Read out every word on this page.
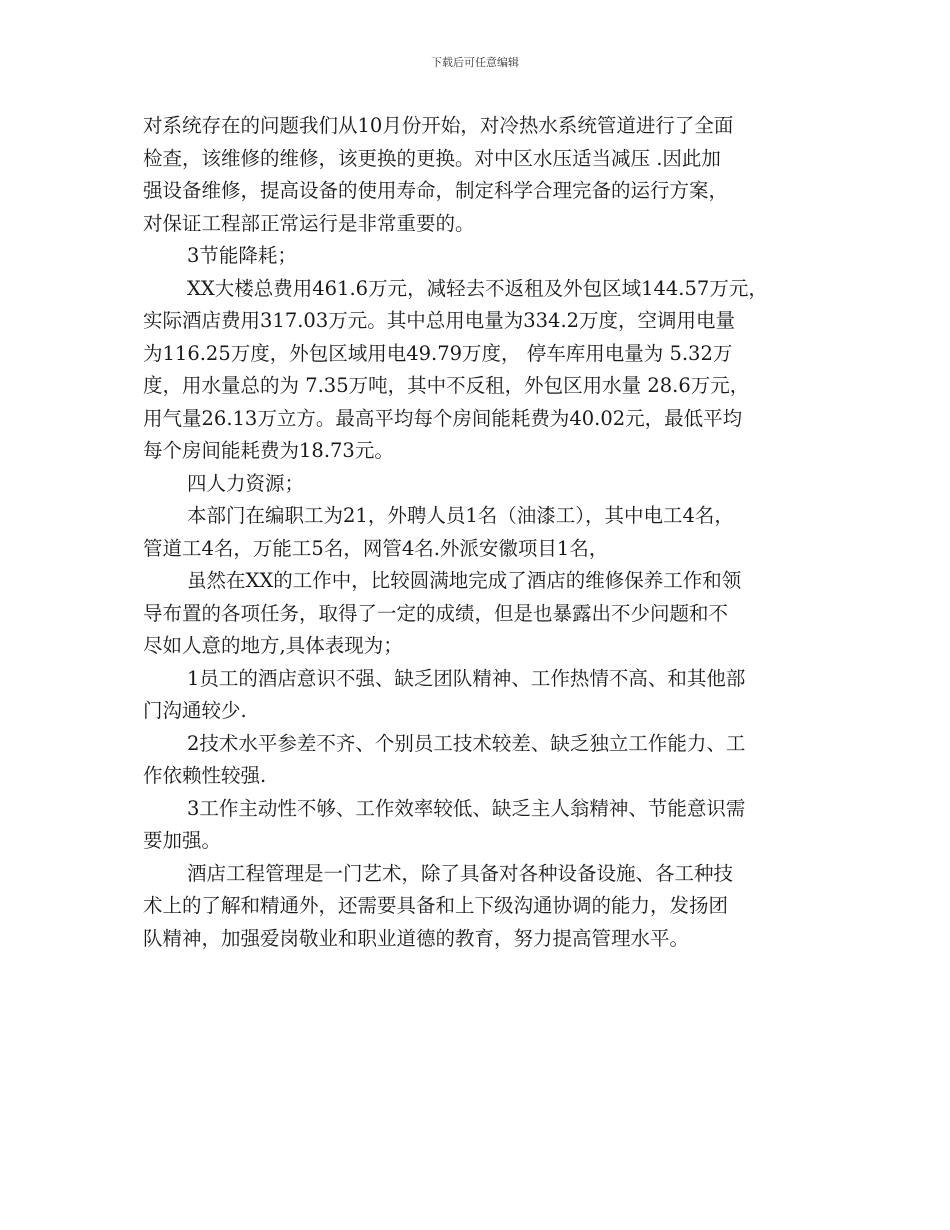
下载后可任意编辑

对系统存在的问题我们从10月份开始，对冷热水系统管道进行了全面
检查，该维修的维修，该更换的更换。对中区水压适当减压 .因此加
强设备维修，提高设备的使用寿命，制定科学合理完备的运行方案，
对保证工程部正常运行是非常重要的。

3节能降耗；

XX大楼总费用461.6万元，减轻去不返租及外包区域144.57万元，
实际酒店费用317.03万元。其中总用电量为334.2万度，空调用电量
为116.25万度，外包区域用电49.79万度， 停车库用电量为 5.32万
度，用水量总的为 7.35万吨，其中不反租，外包区用水量 28.6万元，
用气量26.13万立方。最高平均每个房间能耗费为40.02元，最低平均
每个房间能耗费为18.73元。

四人力资源；

本部门在编职工为21，外聘人员1名（油漆工），其中电工4名，
管道工4名，万能工5名，网管4名.外派安徽项目1名，

虽然在XX的工作中，比较圆满地完成了酒店的维修保养工作和领
导布置的各项任务，取得了一定的成绩，但是也暴露出不少问题和不
尽如人意的地方,具体表现为；

1员工的酒店意识不强、缺乏团队精神、工作热情不高、和其他部
门沟通较少.

2技术水平参差不齐、个别员工技术较差、缺乏独立工作能力、工
作依赖性较强.

3工作主动性不够、工作效率较低、缺乏主人翁精神、节能意识需
要加强。

酒店工程管理是一门艺术，除了具备对各种设备设施、各工种技
术上的了解和精通外，还需要具备和上下级沟通协调的能力，发扬团
队精神，加强爱岗敬业和职业道德的教育，努力提高管理水平。
